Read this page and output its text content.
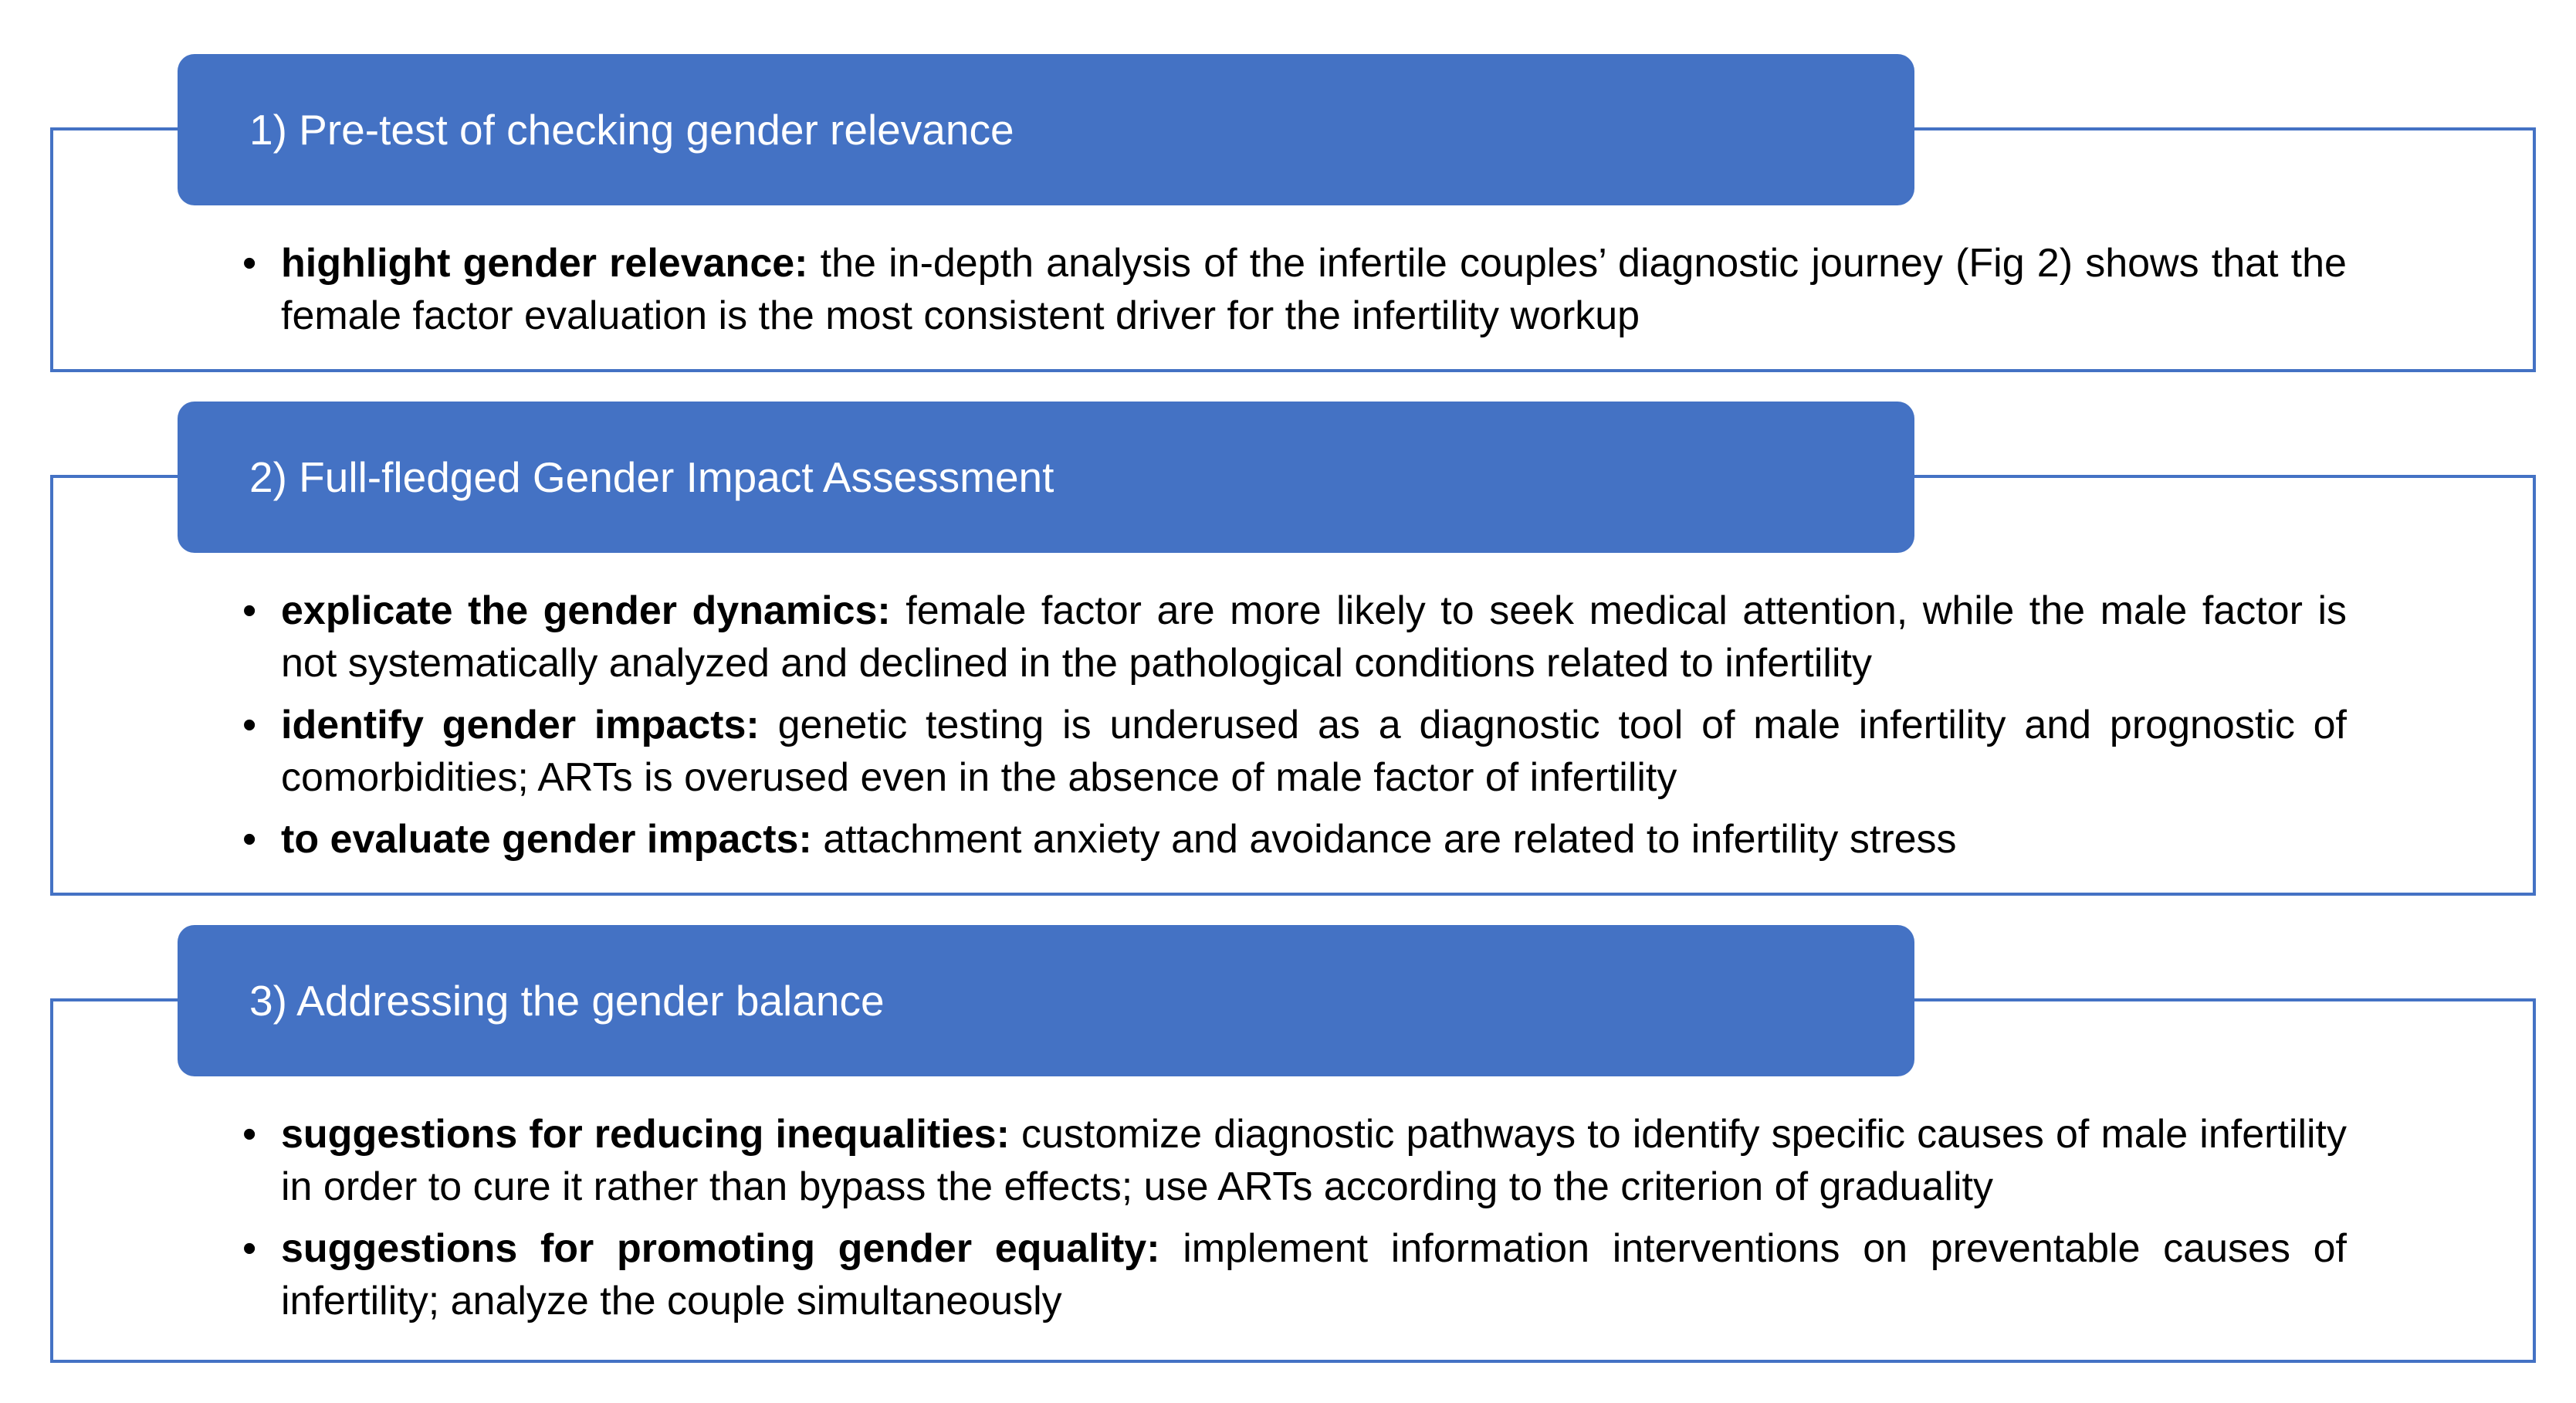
1) Pre-test of checking gender relevance
• highlight gender relevance: the in-depth analysis of the infertile couples’ diagnostic journey (Fig 2) shows that the female factor evaluation is the most consistent driver for the infertility workup
2) Full-fledged Gender Impact Assessment
• explicate the gender dynamics: female factor are more likely to seek medical attention, while the male factor is not systematically analyzed and declined in the pathological conditions related to infertility
• identify gender impacts: genetic testing is underused as a diagnostic tool of male infertility and prognostic of comorbidities; ARTs is overused even in the absence of male factor of infertility
• to evaluate gender impacts: attachment anxiety and avoidance are related to infertility stress
3) Addressing the gender balance
• suggestions for reducing inequalities: customize diagnostic pathways to identify specific causes of male infertility in order to cure it rather than bypass the effects; use ARTs according to the criterion of graduality
• suggestions for promoting gender equality: implement information interventions on preventable causes of infertility; analyze the couple simultaneously
